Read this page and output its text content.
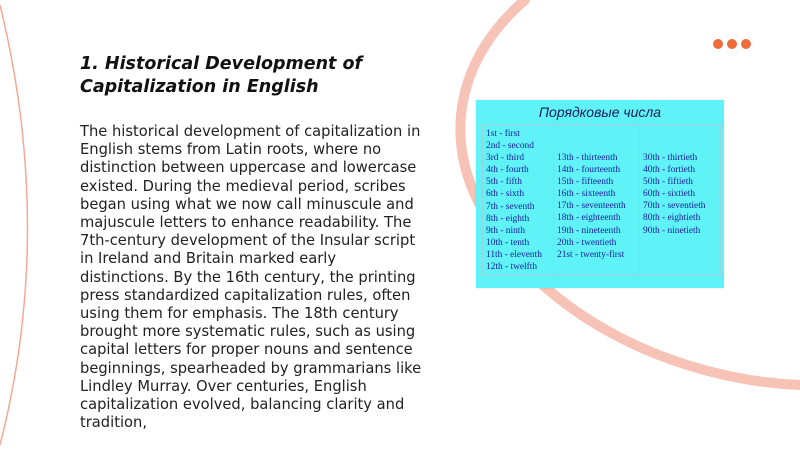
1. Historical Development of Capitalization in English

The historical development of capitalization in English stems from Latin roots, where no distinction between uppercase and lowercase existed. During the medieval period, scribes began using what we now call minuscule and majuscule letters to enhance readability. The 7th-century development of the Insular script in Ireland and Britain marked early distinctions. By the 16th century, the printing press standardized capitalization rules, often using them for emphasis. The 18th century brought more systematic rules, such as using capital letters for proper nouns and sentence beginnings, spearheaded by grammarians like Lindley Murray. Over centuries, English capitalization evolved, balancing clarity and tradition,

Порядковые числа
1st - first
2nd - second
3rd - third
4th - fourth
5th - fifth
6th - sixth
7th - seventh
8th - eighth
9th - ninth
10th - tenth
11th - eleventh
12th - twelfth
13th - thirteenth
14th - fourteenth
15th - fifteenth
16th - sixteenth
17th - seventeenth
18th - eighteenth
19th - nineteenth
20th - twentieth
21st - twenty-first
30th - thirtieth
40th - fortieth
50th - fiftieth
60th - sixtieth
70th - seventieth
80th - eightieth
90th - ninetieth
